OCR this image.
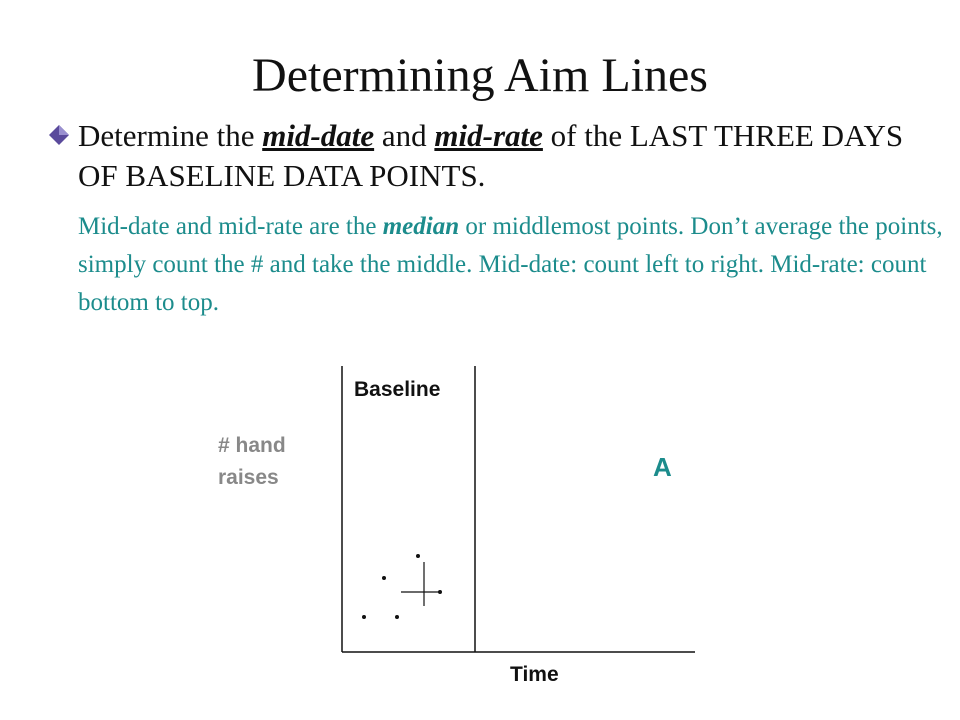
Determining Aim Lines
Determine the mid-date and mid-rate of the LAST THREE DAYS OF BASELINE DATA POINTS.
Mid-date and mid-rate are the median or middlemost points. Don’t average the points, simply count the # and take the middle. Mid-date: count left to right. Mid-rate: count bottom to top.
Baseline
# hand
raises	A
Time
